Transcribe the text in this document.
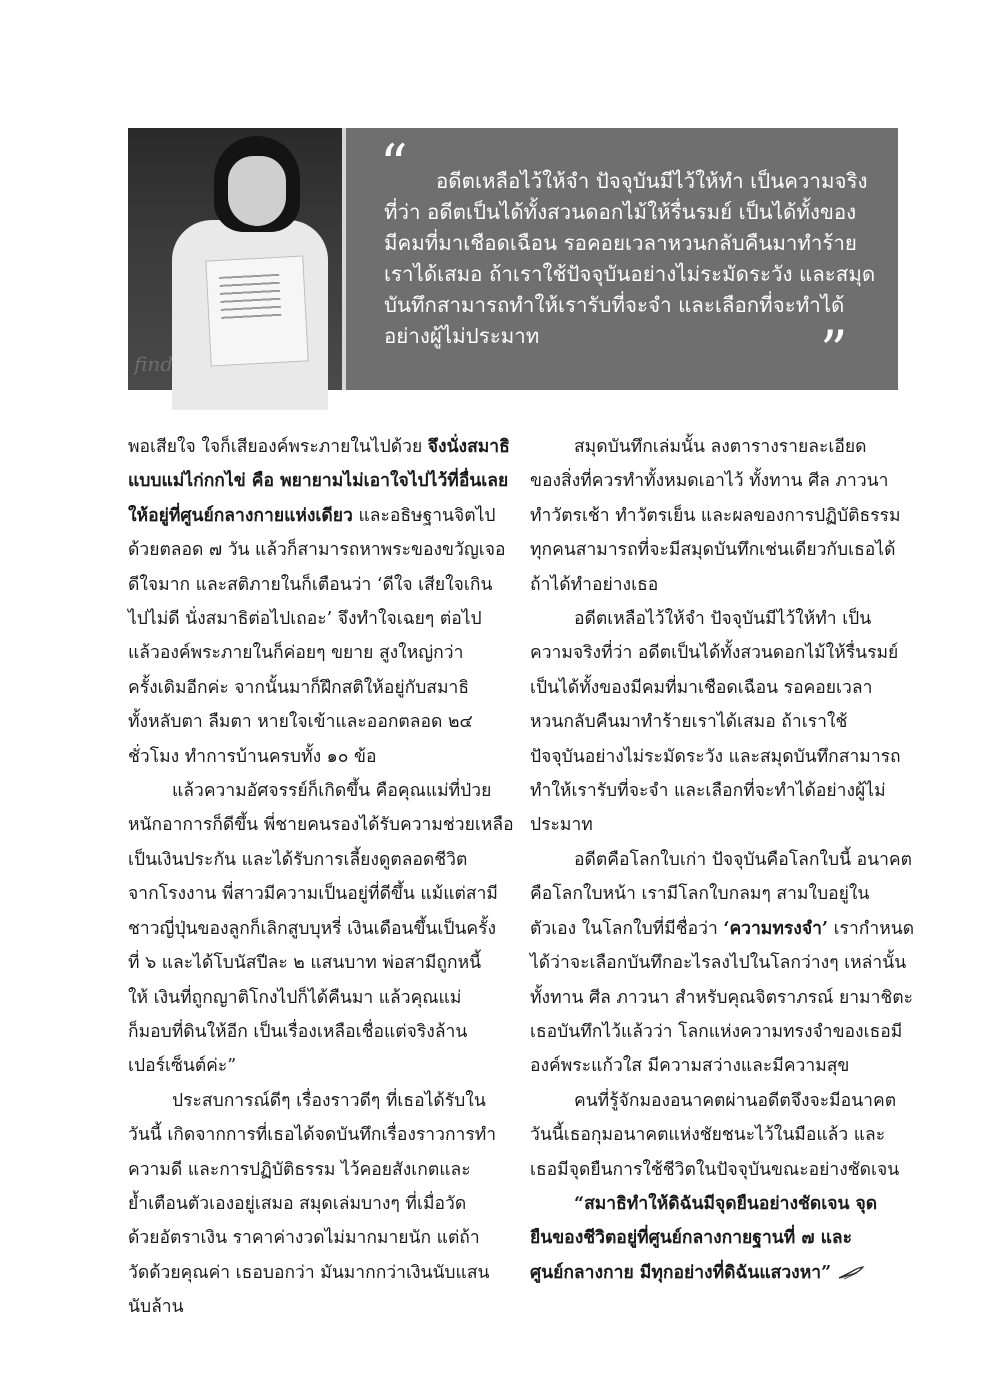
find
“	อดีตเหลือไว้ให้จำ ปัจจุบันมีไว้ให้ทำ เป็นความจริง
ที่ว่า อดีตเป็นได้ทั้งสวนดอกไม้ให้รื่นรมย์ เป็นได้ทั้งของ
มีคมที่มาเชือดเฉือน รอคอยเวลาหวนกลับคืนมาทำร้าย
เราได้เสมอ ถ้าเราใช้ปัจจุบันอย่างไม่ระมัดระวัง และสมุด
บันทึกสามารถทำให้เรารับที่จะจำ และเลือกที่จะทำได้
อย่างผู้ไม่ประมาท	”
พอเสียใจ ใจก็เสียองค์พระภายในไปด้วย จึงนั่งสมาธิ
แบบแม่ไก่กกไข่ คือ พยายามไม่เอาใจไปไว้ที่อื่นเลย
ให้อยู่ที่ศูนย์กลางกายแห่งเดียว และอธิษฐานจิตไป
ด้วยตลอด ๗ วัน แล้วก็สามารถหาพระของขวัญเจอ
ดีใจมาก และสติภายในก็เตือนว่า ‘ดีใจ เสียใจเกิน
ไปไม่ดี นั่งสมาธิต่อไปเถอะ’ จึงทำใจเฉยๆ ต่อไป
แล้วองค์พระภายในก็ค่อยๆ ขยาย สูงใหญ่กว่า
ครั้งเดิมอีกค่ะ จากนั้นมาก็ฝึกสติให้อยู่กับสมาธิ
ทั้งหลับตา ลืมตา หายใจเข้าและออกตลอด ๒๔
ชั่วโมง ทำการบ้านครบทั้ง ๑๐ ข้อ
แล้วความอัศจรรย์ก็เกิดขึ้น คือคุณแม่ที่ป่วย
หนักอาการก็ดีขึ้น พี่ชายคนรองได้รับความช่วยเหลือ
เป็นเงินประกัน และได้รับการเลี้ยงดูตลอดชีวิต
จากโรงงาน พี่สาวมีความเป็นอยู่ที่ดีขึ้น แม้แต่สามี
ชาวญี่ปุ่นของลูกก็เลิกสูบบุหรี่ เงินเดือนขึ้นเป็นครั้ง
ที่ ๖ และได้โบนัสปีละ ๒ แสนบาท พ่อสามีถูกหนี้
ให้ เงินที่ถูกญาติโกงไปก็ได้คืนมา แล้วคุณแม่
ก็มอบที่ดินให้อีก เป็นเรื่องเหลือเชื่อแต่จริงล้าน
เปอร์เซ็นต์ค่ะ”
ประสบการณ์ดีๆ เรื่องราวดีๆ ที่เธอได้รับใน
วันนี้ เกิดจากการที่เธอได้จดบันทึกเรื่องราวการทำ
ความดี และการปฏิบัติธรรม ไว้คอยสังเกตและ
ย้ำเตือนตัวเองอยู่เสมอ สมุดเล่มบางๆ ที่เมื่อวัด
ด้วยอัตราเงิน ราคาค่างวดไม่มากมายนัก แต่ถ้า
วัดด้วยคุณค่า เธอบอกว่า มันมากกว่าเงินนับแสน
นับล้าน
สมุดบันทึกเล่มนั้น ลงตารางรายละเอียด
ของสิ่งที่ควรทำทั้งหมดเอาไว้ ทั้งทาน ศีล ภาวนา
ทำวัตรเช้า ทำวัตรเย็น และผลของการปฏิบัติธรรม
ทุกคนสามารถที่จะมีสมุดบันทึกเช่นเดียวกับเธอได้
ถ้าได้ทำอย่างเธอ
อดีตเหลือไว้ให้จำ ปัจจุบันมีไว้ให้ทำ เป็น
ความจริงที่ว่า อดีตเป็นได้ทั้งสวนดอกไม้ให้รื่นรมย์
เป็นได้ทั้งของมีคมที่มาเชือดเฉือน รอคอยเวลา
หวนกลับคืนมาทำร้ายเราได้เสมอ ถ้าเราใช้
ปัจจุบันอย่างไม่ระมัดระวัง และสมุดบันทึกสามารถ
ทำให้เรารับที่จะจำ และเลือกที่จะทำได้อย่างผู้ไม่
ประมาท
อดีตคือโลกใบเก่า ปัจจุบันคือโลกใบนี้ อนาคต
คือโลกใบหน้า เรามีโลกใบกลมๆ สามใบอยู่ใน
ตัวเอง ในโลกใบที่มีชื่อว่า ‘ความทรงจำ’ เรากำหนด
ได้ว่าจะเลือกบันทึกอะไรลงไปในโลกว่างๆ เหล่านั้น
ทั้งทาน ศีล ภาวนา สำหรับคุณจิตราภรณ์ ยามาชิตะ
เธอบันทึกไว้แล้วว่า โลกแห่งความทรงจำของเธอมี
องค์พระแก้วใส มีความสว่างและมีความสุข
คนที่รู้จักมองอนาคตผ่านอดีตจึงจะมีอนาคต
วันนี้เธอกุมอนาคตแห่งชัยชนะไว้ในมือแล้ว และ
เธอมีจุดยืนการใช้ชีวิตในปัจจุบันขณะอย่างชัดเจน
“สมาธิทำให้ดิฉันมีจุดยืนอย่างชัดเจน จุด
ยืนของชีวิตอยู่ที่ศูนย์กลางกายฐานที่ ๗ และ
ศูนย์กลางกาย มีทุกอย่างที่ดิฉันแสวงหา”
